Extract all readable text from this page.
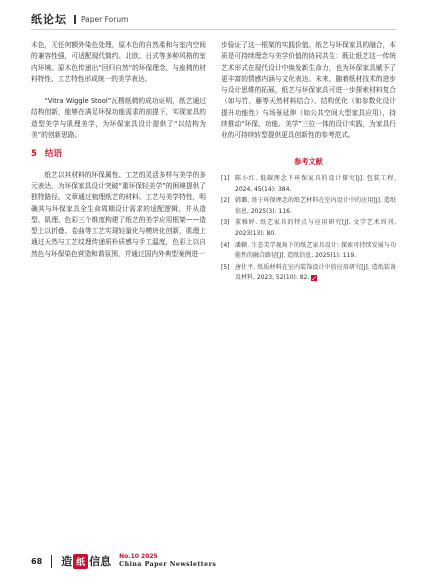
纸论坛 Paper Forum

木色，无任何额外染色处理，原木色的自然柔和与室内空间的兼容性强，可适配现代简约、北欧、日式等多种风格的室内环境。原木色传递出“回归自然”的环保理念，与座椅的材料特性、工艺特性形成统一的美学表达。

“Vitra Wiggle Stool”瓦楞纸椅的成功证明，纸艺通过结构创新，能够在满足环保功能需求的前提下，实现家具的造型美学与肌理美学，为环保家具设计提供了“以结构为美”的创新思路。

5 结语

纸艺以其材料的环保属性、工艺的灵活多样与美学的多元表达，为环保家具设计突破“重环保轻美学”的困境提供了独特路径。文章通过梳理纸艺的材料、工艺与美学特性，明确其与环保家具全生命周期设计需求的适配逻辑，并从造型、肌理、色彩三个维度构建了纸艺的美学应用框架——造型上以折叠、卷曲等工艺实现轻量化与模块化创新，肌理上通过天然与工艺纹理传递质朴质感与手工温度，色彩上以自然色与环保染色营造和谐氛围，并通过国内外典型案例进一

步验证了这一框架的实践价值。纸艺与环保家具的融合，本质是可持续理念与美学价值的协同共生：既让纸艺这一传统艺术形式在现代设计中焕发新生命力，也为环保家具赋予了更丰富的情感内涵与文化表达。未来，随着纸材技术的进步与设计思维的拓展，纸艺与环保家具可进一步探索材料复合（如与竹、藤等天然材料结合）、结构优化（如参数化设计提升功能性）与场景延伸（如公共空间大型家具应用），持续推动“环保、功能、美学”三位一体的设计实践，为家具行业的可持续转型提供更具创新性的参考范式。

参考文献
[1] 陈小红. 低碳理念下环保家具的设计探究[J]. 包装工程, 2024, 45(14): 384.
[2] 韩璐. 基于环保理念的纸艺材料在室内设计中的应用[J]. 造纸信息, 2025(3): 116.
[3] 董雅婷. 纸艺家具的特点与应用研究[J]. 文学艺术周刊, 2023(13): 80.
[4] 潘颖. 生态美学视角下的纸艺家具设计: 探索可持续发展与功能性的融合路径[J]. 造纸信息, 2025(1): 119.
[5] 唐仕平. 纸质材料在室内装饰设计中的应用研究[J]. 造纸装备及材料, 2023, 52(10): 82.
68 造 纸 信息 No.10 2025
China Paper Newsletters
